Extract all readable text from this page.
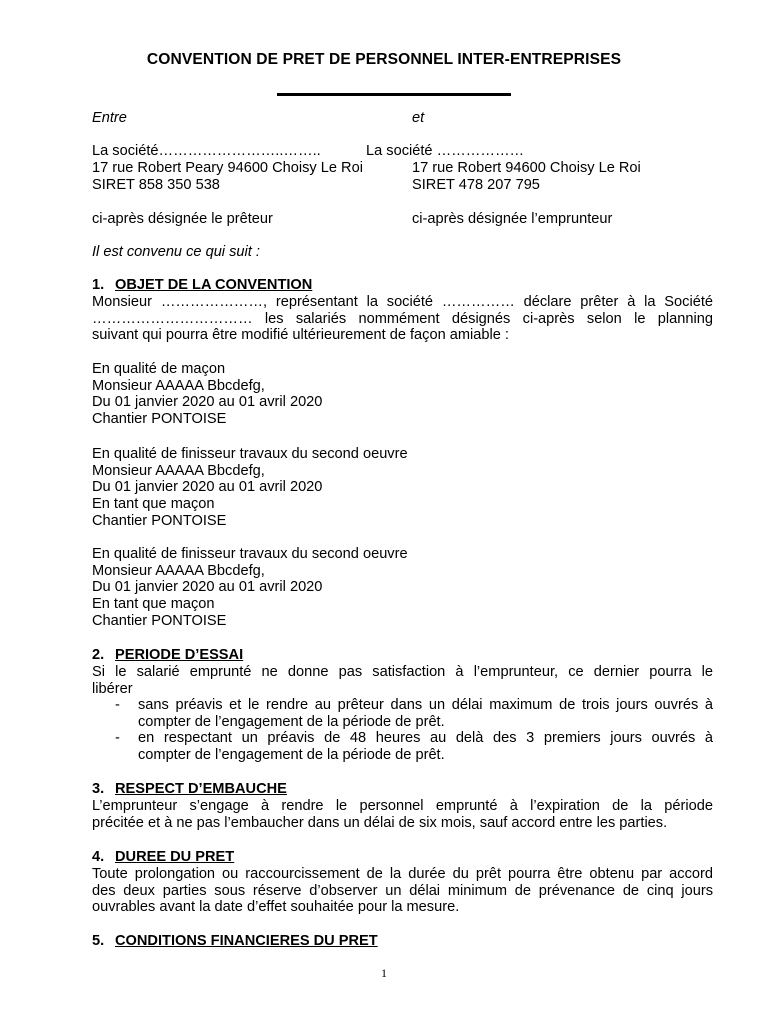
CONVENTION DE PRET DE PERSONNEL INTER-ENTREPRISES
Entre	et
La société……………………..……..	La société ………………
17 rue Robert Peary 94600 Choisy Le Roi	17 rue Robert 94600 Choisy Le Roi
SIRET 858 350 538	SIRET 478 207 795
ci-après désignée le prêteur	ci-après désignée l’emprunteur
Il est convenu ce qui suit :
1. OBJET DE LA CONVENTION
Monsieur …………………, représentant la société …………… déclare prêter à la Société
…………………………… les salariés nommément désignés ci-après selon le planning
suivant qui pourra être modifié ultérieurement de façon amiable :
En qualité de maçon
Monsieur AAAAA Bbcdefg,
Du 01 janvier 2020 au 01 avril 2020
Chantier PONTOISE
En qualité de finisseur travaux du second oeuvre
Monsieur AAAAA Bbcdefg,
Du 01 janvier 2020 au 01 avril 2020
En tant que maçon
Chantier PONTOISE
En qualité de finisseur travaux du second oeuvre
Monsieur AAAAA Bbcdefg,
Du 01 janvier 2020 au 01 avril 2020
En tant que maçon
Chantier PONTOISE
2. PERIODE D’ESSAI
Si le salarié emprunté ne donne pas satisfaction à l’emprunteur, ce dernier pourra le
libérer
- sans préavis et le rendre au prêteur dans un délai maximum de trois jours ouvrés à
compter de l’engagement de la période de prêt.
- en respectant un préavis de 48 heures au delà des 3 premiers jours ouvrés à
compter de l’engagement de la période de prêt.
3. RESPECT D’EMBAUCHE
L’emprunteur s’engage à rendre le personnel emprunté à l’expiration de la période
précitée et à ne pas l’embaucher dans un délai de six mois, sauf accord entre les parties.
4. DUREE DU PRET
Toute prolongation ou raccourcissement de la durée du prêt pourra être obtenu par accord
des deux parties sous réserve d’observer un délai minimum de prévenance de cinq jours
ouvrables avant la date d’effet souhaitée pour la mesure.
5. CONDITIONS FINANCIERES DU PRET
1
